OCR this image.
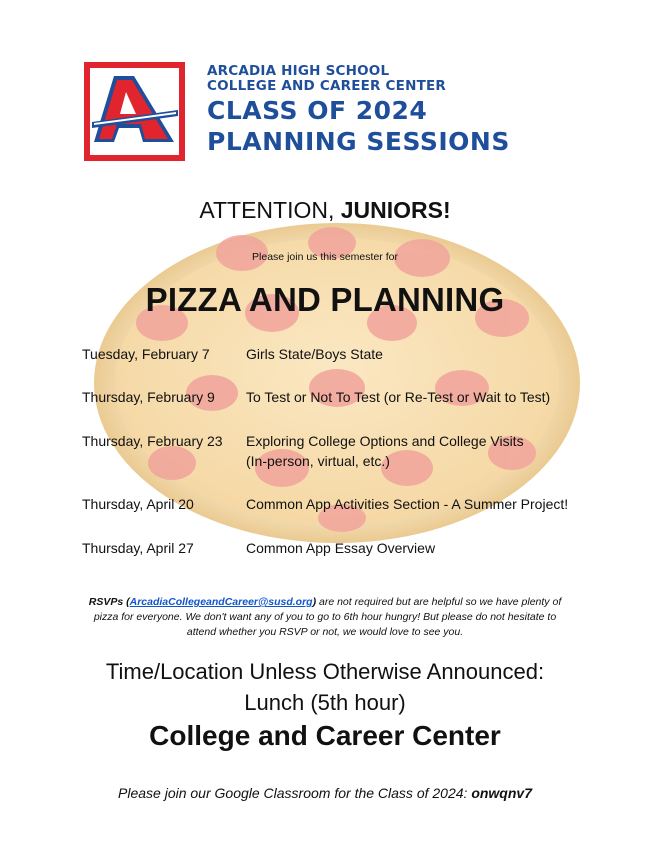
ARCADIA HIGH SCHOOL
COLLEGE AND CAREER CENTER
CLASS OF 2024
PLANNING SESSIONS
ATTENTION, JUNIORS!
Please join us this semester for
PIZZA AND PLANNING
Tuesday, February 7	Girls State/Boys State
Thursday, February 9 To Test or Not To Test (or Re-Test or Wait to Test)
Thursday, February 23 Exploring College Options and College Visits
(In-person, virtual, etc.)
Thursday, April 20	Common App Activities Section - A Summer Project!
Thursday, April 27	Common App Essay Overview
RSVPs (ArcadiaCollegeandCareer@susd.org) are not required but are helpful so we have plenty of pizza for everyone. We don't want any of you to go to 6th hour hungry! But please do not hesitate to attend whether you RSVP or not, we would love to see you.
Time/Location Unless Otherwise Announced:
Lunch (5th hour)
College and Career Center
Please join our Google Classroom for the Class of 2024: onwqnv7
